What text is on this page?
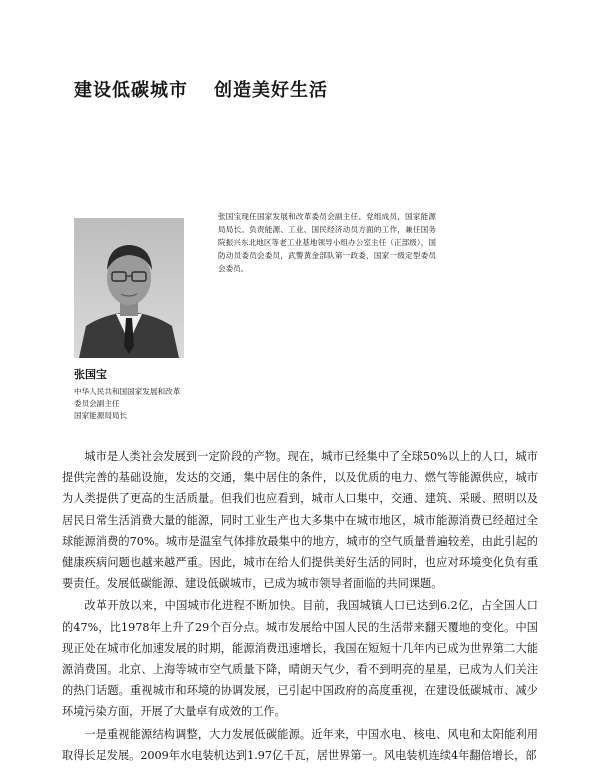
建设低碳城市 创造美好生活
张国宝现任国家发展和改革委员会副主任、党组成员，国家能源局局长。负责能源、工业、国民经济动员方面的工作，兼任国务院振兴东北地区等老工业基地领导小组办公室主任（正部级），国防动员委员会委员，武警黄金部队第一政委，国家一级定型委员会委员。
张国宝
中华人民共和国国家发展和改革
委员会副主任
国家能源局局长

城市是人类社会发展到一定阶段的产物。现在，城市已经集中了全球50%以上的人口，城市提供完善的基础设施，发达的交通，集中居住的条件，以及优质的电力、燃气等能源供应，城市为人类提供了更高的生活质量。但我们也应看到，城市人口集中，交通、建筑、采暖、照明以及居民日常生活消费大量的能源，同时工业生产也大多集中在城市地区，城市能源消费已经超过全球能源消费的70%。城市是温室气体排放最集中的地方，城市的空气质量普遍较差，由此引起的健康疾病问题也越来越严重。因此，城市在给人们提供美好生活的同时，也应对环境变化负有重要责任。发展低碳能源、建设低碳城市，已成为城市领导者面临的共同课题。

改革开放以来，中国城市化进程不断加快。目前，我国城镇人口已达到6.2亿，占全国人口的47%，比1978年上升了29个百分点。城市发展给中国人民的生活带来翻天覆地的变化。中国现正处在城市化加速发展的时期，能源消费迅速增长，我国在短短十几年内已成为世界第二大能源消费国。北京、上海等城市空气质量下降，晴朗天气少，看不到明亮的星星，已成为人们关注的热门话题。重视城市和环境的协调发展，已引起中国政府的高度重视，在建设低碳城市、减少环境污染方面，开展了大量卓有成效的工作。

一是重视能源结构调整，大力发展低碳能源。近年来，中国水电、核电、风电和太阳能利用取得长足发展。2009年水电装机达到1.97亿千瓦，居世界第一。风电装机连续4年翻倍增长，部
